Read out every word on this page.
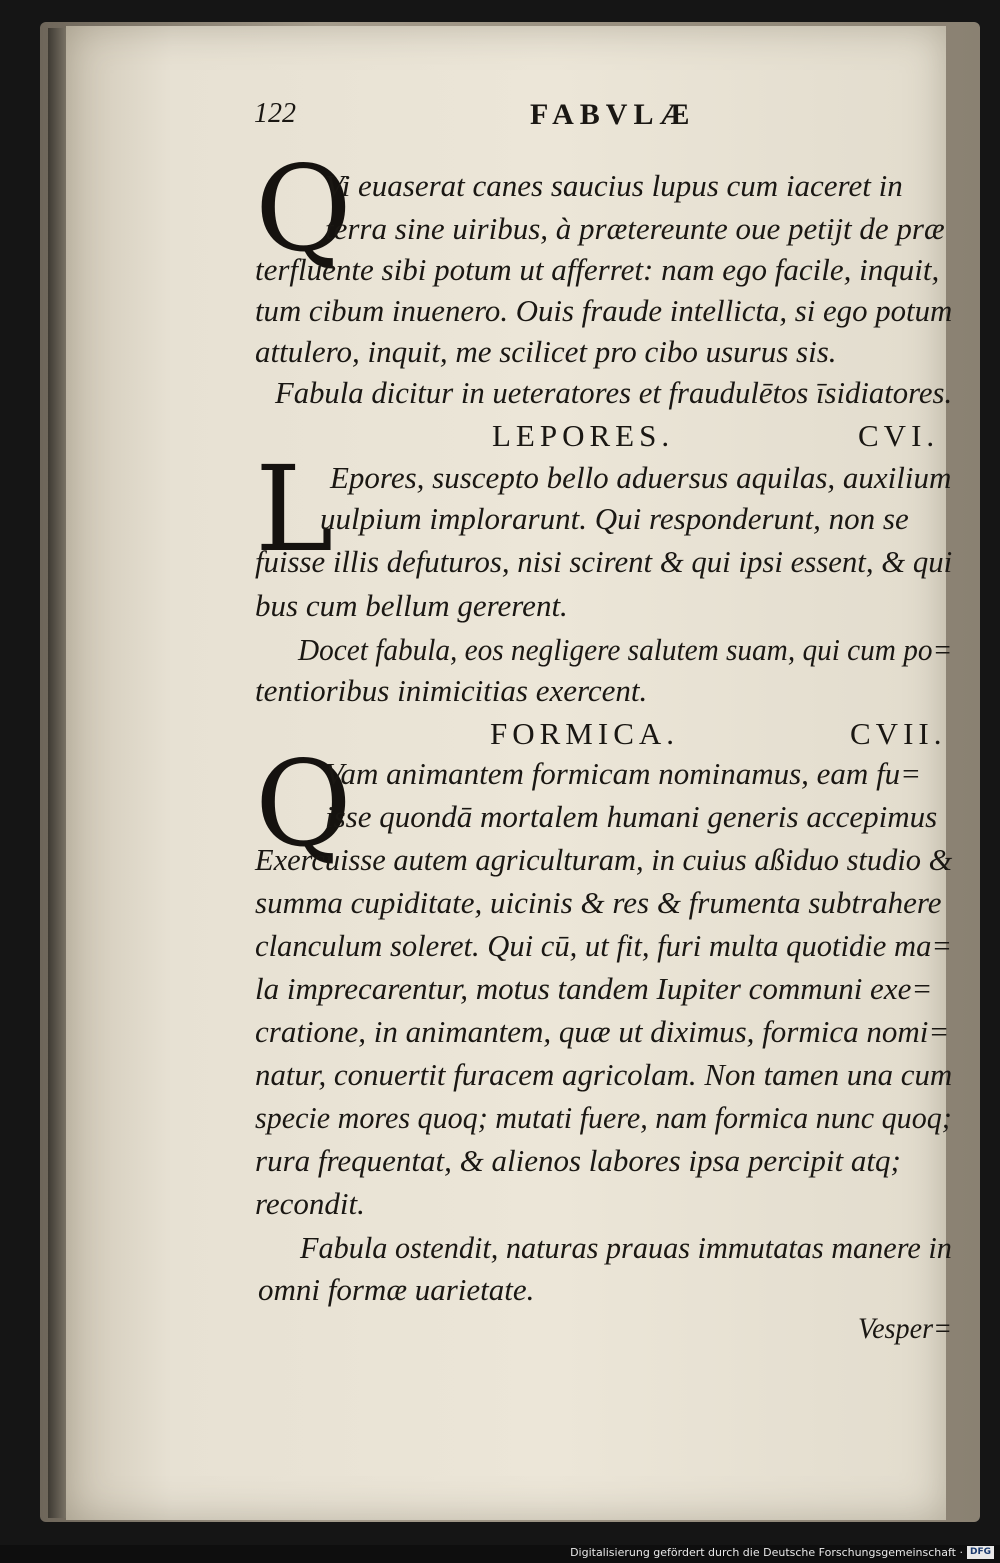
122	FABVLÆ
Q
Vi euaserat canes saucius lupus cum iaceret in
terra sine uiribus, à prætereunte oue petijt de præ
terfluente sibi potum ut afferret: nam ego facile, inquit,
tum cibum inuenero. Ouis fraude intellicta, si ego potum
attulero, inquit, me scilicet pro cibo usurus sis.
Fabula dicitur in ueteratores et fraudulētos īsidiatores.
LEPORES.	CVI.
L
Epores, suscepto bello aduersus aquilas, auxilium
uulpium implorarunt. Qui responderunt, non se
fuisse illis defuturos, nisi scirent & qui ipsi essent, & qui
bus cum bellum gererent.
Docet fabula, eos negligere salutem suam, qui cum po=
tentioribus inimicitias exercent.
FORMICA.	CVII.
Q
Vam animantem formicam nominamus, eam fu=
isse quondā mortalem humani generis accepimus
Exercuisse autem agriculturam, in cuius aßiduo studio &
summa cupiditate, uicinis & res & frumenta subtrahere
clanculum soleret. Qui cū, ut fit, furi multa quotidie ma=
la imprecarentur, motus tandem Iupiter communi exe=
cratione, in animantem, quæ ut diximus, formica nomi=
natur, conuertit furacem agricolam. Non tamen una cum
specie mores quoq; mutati fuere, nam formica nunc quoq;
rura frequentat, & alienos labores ipsa percipit atq;
recondit.
Fabula ostendit, naturas prauas immutatas manere in
omni formæ uarietate.
Vesper=
Digitalisierung gefördert durch die Deutsche Forschungsgemeinschaft · DFG
